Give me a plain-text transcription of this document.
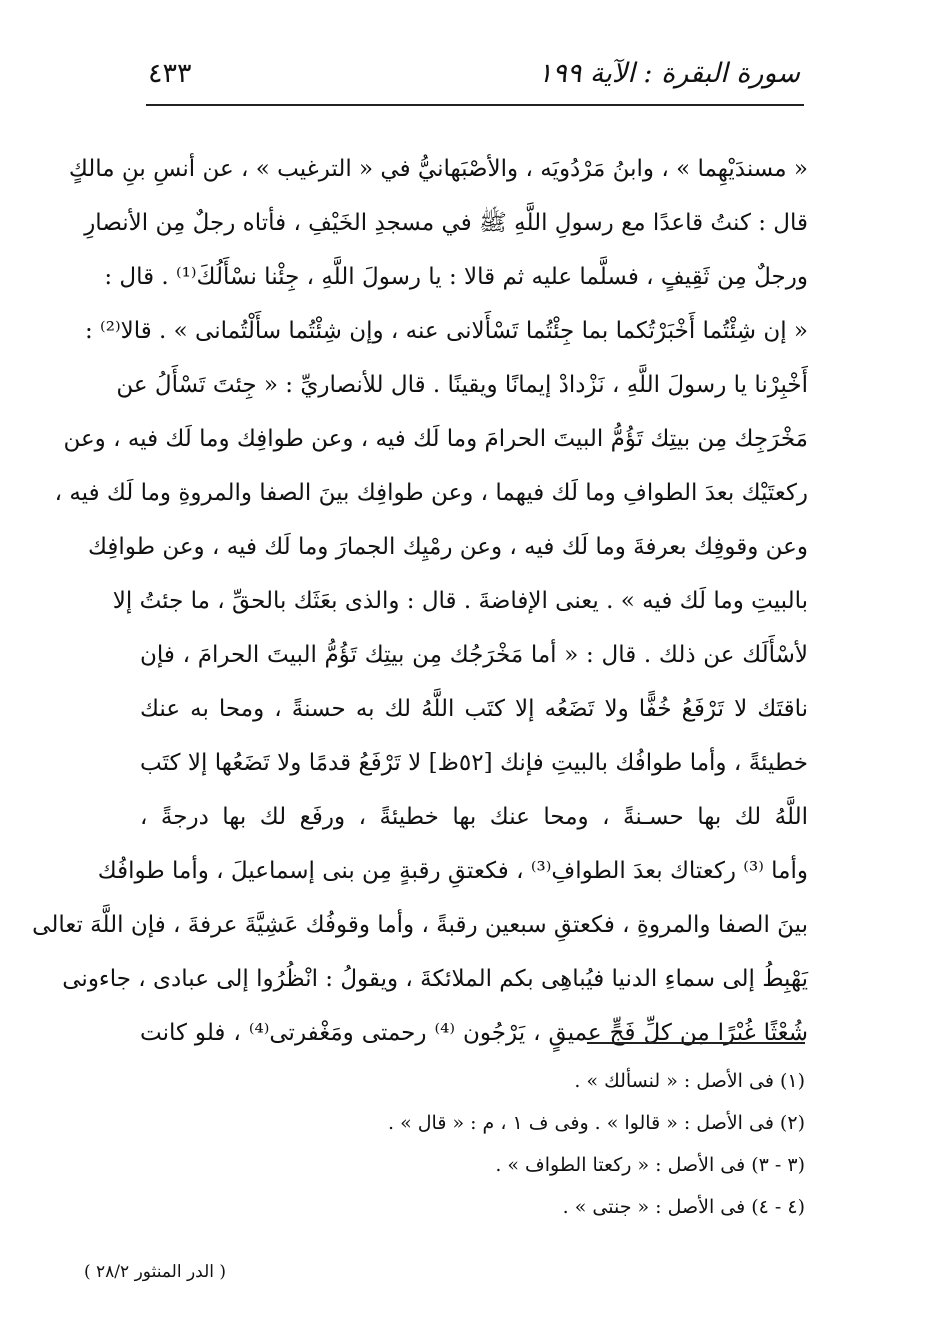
سورة البقرة : الآية ١٩٩
٤٣٣
« مسندَيْهِما » ، وابنُ مَرْدُويَه ، والأصْبَهانيُّ في « الترغيب » ، عن أنسِ بنِ مالكٍ
قال : كنتُ قاعدًا مع رسولِ اللَّهِ ﷺ في مسجدِ الخَيْفِ ، فأتاه رجلٌ مِن الأنصارِ
ورجلٌ مِن ثَقِيفٍ ، فسلَّما عليه ثم قالا : يا رسولَ اللَّهِ ، جِئْنا نسْأَلُكَ⁽¹⁾ . قال :
« إن شِئْتُما أَخْبَرْتُكما بما جِئْتُما تَسْأَلانى عنه ، وإن شِئْتُما سأَلْتُمانى » . قالا⁽²⁾ :
أَخْبِرْنا يا رسولَ اللَّهِ ، نَزْدادْ إيمانًا ويقينًا . قال للأنصاريِّ : « جِئتَ تَسْأَلُ عن
مَخْرَجِك مِن بيتِك تَؤُمُّ البيتَ الحرامَ وما لَك فيه ، وعن طوافِك وما لَك فيه ، وعن
ركعتَيْك بعدَ الطوافِ وما لَك فيهما ، وعن طوافِك بينَ الصفا والمروةِ وما لَك فيه ،
وعن وقوفِك بعرفةَ وما لَك فيه ، وعن رمْيِك الجمارَ وما لَك فيه ، وعن طوافِك
بالبيتِ وما لَك فيه » . يعنى الإفاضةَ . قال : والذى بعَثَك بالحقِّ ، ما جئتُ إلا
لأسْأَلَك عن ذلك . قال : « أما مَخْرَجُك مِن بيتِك تَؤُمُّ البيتَ الحرامَ ، فإن
ناقتَك لا تَرْفَعُ خُفًّا ولا تَضَعُه إلا كتَب اللَّهُ لك به حسنةً ، ومحا به عنك
خطيئةً ، وأما طوافُك بالبيتِ فإنك [٥٢ظ] لا تَرْفَعُ قدمًا ولا تَضَعُها إلا كتَب
اللَّهُ لك بها حسـنةً ، ومحا عنك بها خطيئةً ، ورفَع لك بها درجةً ،
وأما ⁽³⁾ ركعتاك بعدَ الطوافِ⁽³⁾ ، فكعتقِ رقبةٍ مِن بنى إسماعيلَ ، وأما طوافُك
بينَ الصفا والمروةِ ، فكعتقِ سبعين رقبةً ، وأما وقوفُك عَشِيَّةَ عرفةَ ، فإن اللَّهَ تعالى
يَهْبِطُ إلى سماءِ الدنيا فيُباهِى بكم الملائكةَ ، ويقولُ : انْظُرُوا إلى عبادى ، جاءونى
شُعْثًا غُبْرًا مِن كلِّ فَجٍّ عميقٍ ، يَرْجُون ⁽⁴⁾ رحمتى ومَغْفرتى⁽⁴⁾ ، فلو كانت
(١) فى الأصل : « لنسألك » .
(٢) فى الأصل : « قالوا » . وفى ف ١ ، م : « قال » .
(٣ - ٣) فى الأصل : « ركعتا الطواف » .
(٤ - ٤) فى الأصل : « جنتى » .
( الدر المنثور ٢٨/٢ )
